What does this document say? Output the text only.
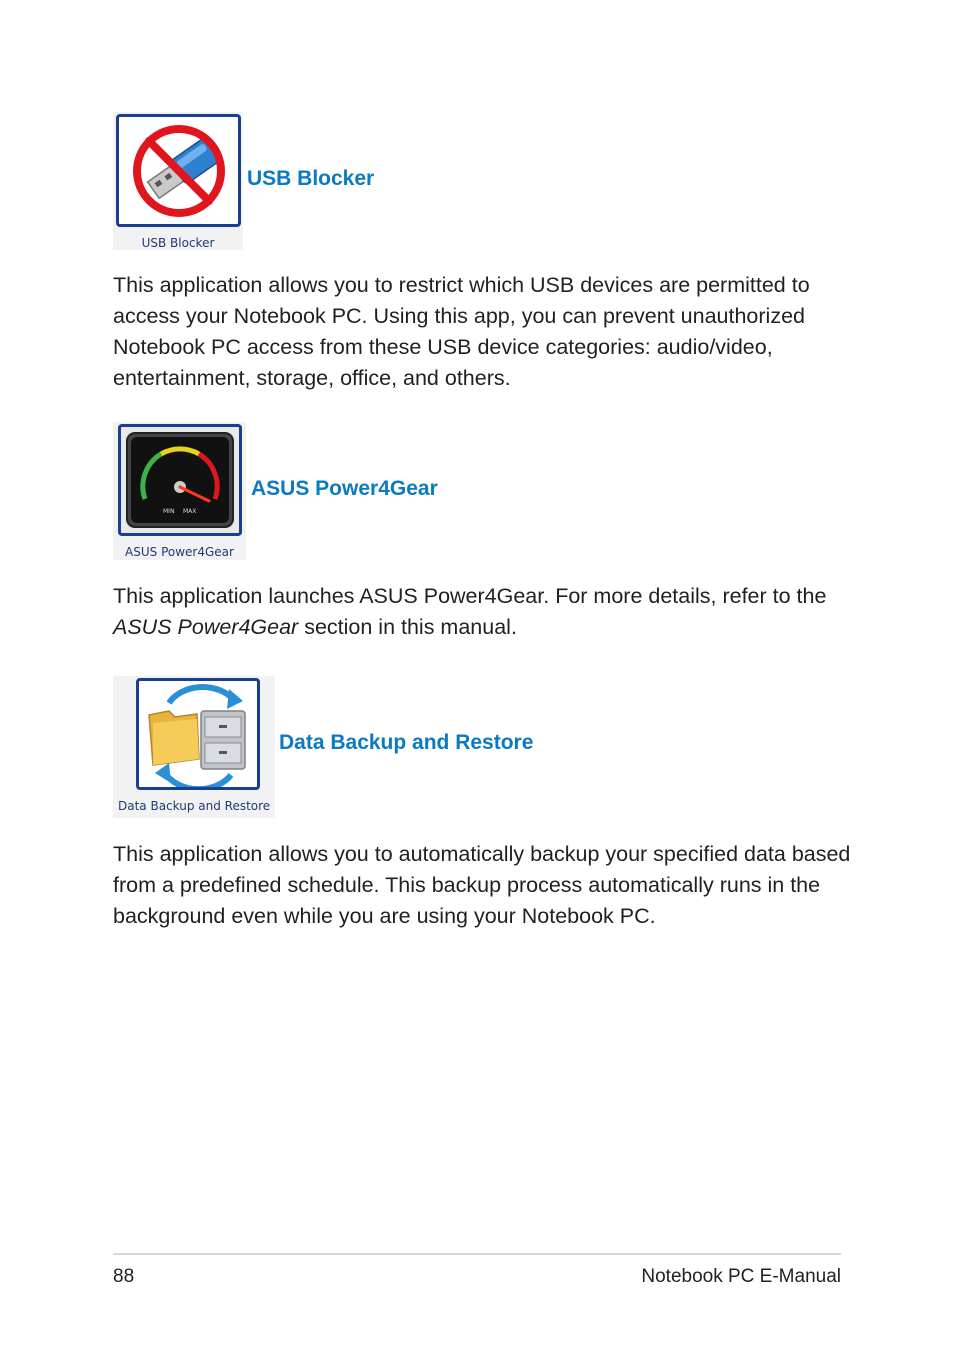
USB Blocker
USB Blocker
This application allows you to restrict which USB devices are permitted to access your Notebook PC. Using this app, you can prevent unauthorized Notebook PC access from these USB device categories: audio/video, entertainment, storage, office, and others.
MIN MAX
ASUS Power4Gear
ASUS Power4Gear
This application launches ASUS Power4Gear. For more details, refer to the ASUS Power4Gear section in this manual.
Data Backup and Restore
Data Backup and Restore
This application allows you to automatically backup your specified data based from a predefined schedule. This backup process automatically runs in the background even while you are using your Notebook PC.
88	Notebook PC E-Manual
